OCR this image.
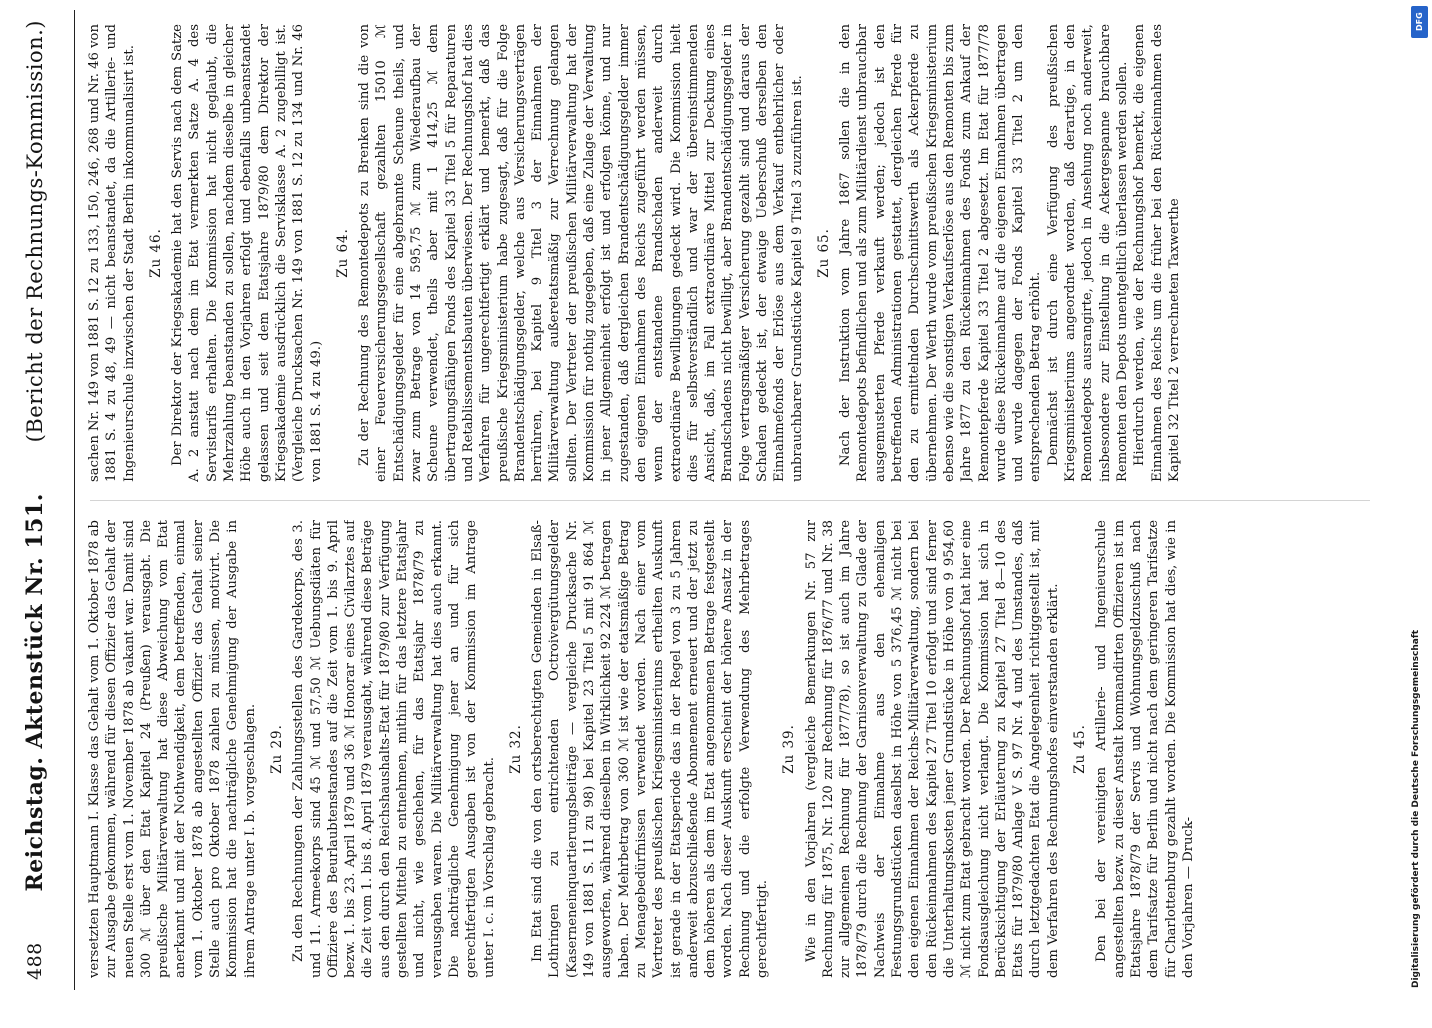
488
Reichstag. Aktenstück Nr. 151.
(Bericht der Rechnungs-Kommission.)

versetzten Hauptmann I. Klasse das Gehalt vom 1. Oktober 1878 ab zur Ausgabe gekommen, während für diesen Offizier das Gehalt der neuen Stelle erst vom 1. November 1878 ab vakant war. Damit sind 300 ℳ über den Etat Kapitel 24 (Preußen) verausgabt. Die preußische Militärverwaltung hat diese Abweichung vom Etat anerkannt und mit der Nothwendigkeit, dem betreffenden, einmal vom 1. Oktober 1878 ab angestellten Offizier das Gehalt seiner Stelle auch pro Oktober 1878 zahlen zu müssen, motivirt. Die Kommission hat die nachträgliche Genehmigung der Ausgabe in ihrem Antrage unter I. b. vorgeschlagen. Zu 29. Zu den Rechnungen der Zahlungsstellen des Gardekorps, des 3. und 11. Armeekorps sind 45 ℳ und 57,50 ℳ Uebungsdiäten für Offiziere des Beurlaubtenstandes auf die Zeit vom 1. bis 9. April bezw. 1. bis 23. April 1879 und 36 ℳ Honorar eines Civilarztes auf die Zeit vom 1. bis 8. April 1879 verausgabt, während diese Beträge aus den durch den Reichshaushalts-Etat für 1879/80 zur Verfügung gestellten Mitteln zu entnehmen, mithin für das letztere Etatsjahr und nicht, wie geschehen, für das Etatsjahr 1878/79 zu verausgaben waren. Die Militärverwaltung hat dies auch erkannt. Die nachträgliche Genehmigung jener an und für sich gerechtfertigten Ausgaben ist von der Kommission im Antrage unter I. c. in Vorschlag gebracht.

Zu 32. Im Etat sind die von den ortsberechtigten Gemeinden in Elsaß-Lothringen zu entrichtenden Octroivergütungsgelder (Kaserneneinquartierungsbeiträge — vergleiche Drucksache Nr. 149 von 1881 S. 11 zu 98) bei Kapitel 23 Titel 5 mit 91 864 ℳ ausgeworfen, während dieselben in Wirklichkeit 92 224 ℳ betragen haben. Der Mehrbetrag von 360 ℳ ist wie der etatsmäßige Betrag zu Menagebedürfnissen verwendet worden. Nach einer vom Vertreter des preußischen Kriegsministeriums ertheilten Auskunft ist gerade in der Etatsperiode das in der Regel von 3 zu 5 Jahren anderweit abzuschließende Abonnement erneuert und der jetzt zu dem höheren als dem im Etat angenommenen Betrage festgestellt worden. Nach dieser Auskunft erscheint der höhere Ansatz in der Rechnung und die erfolgte Verwendung des Mehrbetrages gerechtfertigt.

Zu 39. Wie in den Vorjahren (vergleiche Bemerkungen Nr. 57 zur Rechnung für 1875, Nr. 120 zur Rechnung für 1876/77 und Nr. 38 zur allgemeinen Rechnung für 1877/78), so ist auch im Jahre 1878/79 durch die Rechnung der Garnisonverwaltung zu Glade der Nachweis der Einnahme aus den ehemaligen Festungsgrundstücken daselbst in Höhe von 5 376,45 ℳ nicht bei den eigenen Einnahmen der Reichs-Militärverwaltung, sondern bei den Rückeinnahmen des Kapitel 27 Titel 10 erfolgt und sind ferner die Unterhaltungskosten jener Grundstücke in Höhe von 9 954,60 ℳ nicht zum Etat gebracht worden. Der Rechnungshof hat hier eine Fondsausgleichung nicht verlangt. Die Kommission hat sich in Berücksichtigung der Erläuterung zu Kapitel 27 Titel 8—10 des Etats für 1879/80 Anlage V S. 97 Nr. 4 und des Umstandes, daß durch letztgedachten Etat die Angelegenheit richtiggestellt ist, mit dem Verfahren des Rechnungshofes einverstanden erklärt. Zu 45. Den bei der vereinigten Artillerie- und Ingenieurschule angestellten bezw. zu dieser Anstalt kommandirten Offizieren ist im Etatsjahre 1878/79 der Servis und Wohnungsgeldzuschuß nach dem Tarifsatze für Berlin und nicht nach dem geringeren Tarifsatze für Charlottenburg gezahlt worden. Die Kommission hat dies, wie in den Vorjahren — Druck-

sachen Nr. 149 von 1881 S. 12 zu 133, 150, 246, 268 und Nr. 46 von 1881 S. 4 zu 48, 49 — nicht beanstandet, da die Artillerie- und Ingenieurschule inzwischen der Stadt Berlin inkommunalisirt ist. Zu 46. Der Direktor der Kriegsakademie hat den Servis nach dem Satze A. 2 anstatt nach dem im Etat vermerkten Satze A. 4 des Servistarifs erhalten. Die Kommission hat nicht geglaubt, die Mehrzahlung beanstanden zu sollen, nachdem dieselbe in gleicher Höhe auch in den Vorjahren erfolgt und ebenfalls unbeanstandet gelassen und seit dem Etatsjahre 1879/80 dem Direktor der Kriegsakademie ausdrücklich die Servisklasse A. 2 zugebilligt ist. (Vergleiche Drucksachen Nr. 149 von 1881 S. 12 zu 134 und Nr. 46 von 1881 S. 4 zu 49.)

Zu 64. Zu der Rechnung des Remontedepots zu Brenken sind die von einer Feuerversicherungsgesellschaft gezahlten 15010 ℳ Entschädigungsgelder für eine abgebrannte Scheune theils, und zwar zum Betrage von 14 595,75 ℳ zum Wiederaufbau der Scheune verwendet, theils aber mit 1 414,25 ℳ dem übertragungsfähigen Fonds des Kapitel 33 Titel 5 für Reparaturen und Retablissementsbauten überwiesen. Der Rechnungshof hat dies Verfahren für ungerechtfertigt erklärt und bemerkt, daß das preußische Kriegsministerium habe zugesagt, daß für die Folge Brandentschädigungsgelder, welche aus Versicherungsverträgen herrühren, bei Kapitel 9 Titel 3 der Einnahmen der Militärverwaltung außeretatsmäßig zur Verrechnung gelangen sollten. Der Vertreter der preußischen Militärverwaltung hat der Kommission für nothig zugegeben, daß eine Zulage der Verwaltung in jener Allgemeinheit erfolgt ist und erfolgen könne, und nur zugestanden, daß dergleichen Brandentschädigungsgelder immer den eigenen Einnahmen des Reichs zugeführt werden müssen, wenn der entstandene Brandschaden anderweit durch extraordinäre Bewilligungen gedeckt wird. Die Kommission hielt dies für selbstverständlich und war der übereinstimmenden Ansicht, daß, im Fall extraordinäre Mittel zur Deckung eines Brandschadens nicht bewilligt, aber Brandentschädigungsgelder in Folge vertragsmäßiger Versicherung gezahlt sind und daraus der Schaden gedeckt ist, der etwaige Ueberschuß derselben den Einnahmefonds der Erlöse aus dem Verkauf entbehrlicher oder unbrauchbarer Grundstücke Kapitel 9 Titel 3 zuzuführen ist. Zu 65. Nach der Instruktion vom Jahre 1867 sollen die in den Remontedepots befindlichen und als zum Militärdienst unbrauchbar ausgemusterten Pferde verkauft werden; jedoch ist den betreffenden Administrationen gestattet, dergleichen Pferde für den zu ermittelnden Durchschnittswerth als Ackerpferde zu übernehmen. Der Werth wurde vom preußischen Kriegsministerium ebenso wie die sonstigen Verkaufserlöse aus den Remonten bis zum Jahre 1877 zu den Rückeinnahmen des Fonds zum Ankauf der Remontepferde Kapitel 33 Titel 2 abgesetzt. Im Etat für 1877/78 wurde diese Rückeinnahme auf die eigenen Einnahmen übertragen und wurde dagegen der Fonds Kapitel 33 Titel 2 um den entsprechenden Betrag erhöht. Demnächst ist durch eine Verfügung des preußischen Kriegsministeriums angeordnet worden, daß derartige, in den Remontedepots ausrangirte, jedoch in Ansehung noch anderweit, insbesondere zur Einstellung in die Ackergespanne brauchbare Remonten den Depots unentgeltlich überlassen werden sollen. Hierdurch werden, wie der Rechnungshof bemerkt, die eigenen Einnahmen des Reichs um die früher bei den Rückeinnahmen des Kapitel 32 Titel 2 verrechneten Taxwerthe

DFG
Digitalisierung gefördert durch die Deutsche Forschungsgemeinschaft
